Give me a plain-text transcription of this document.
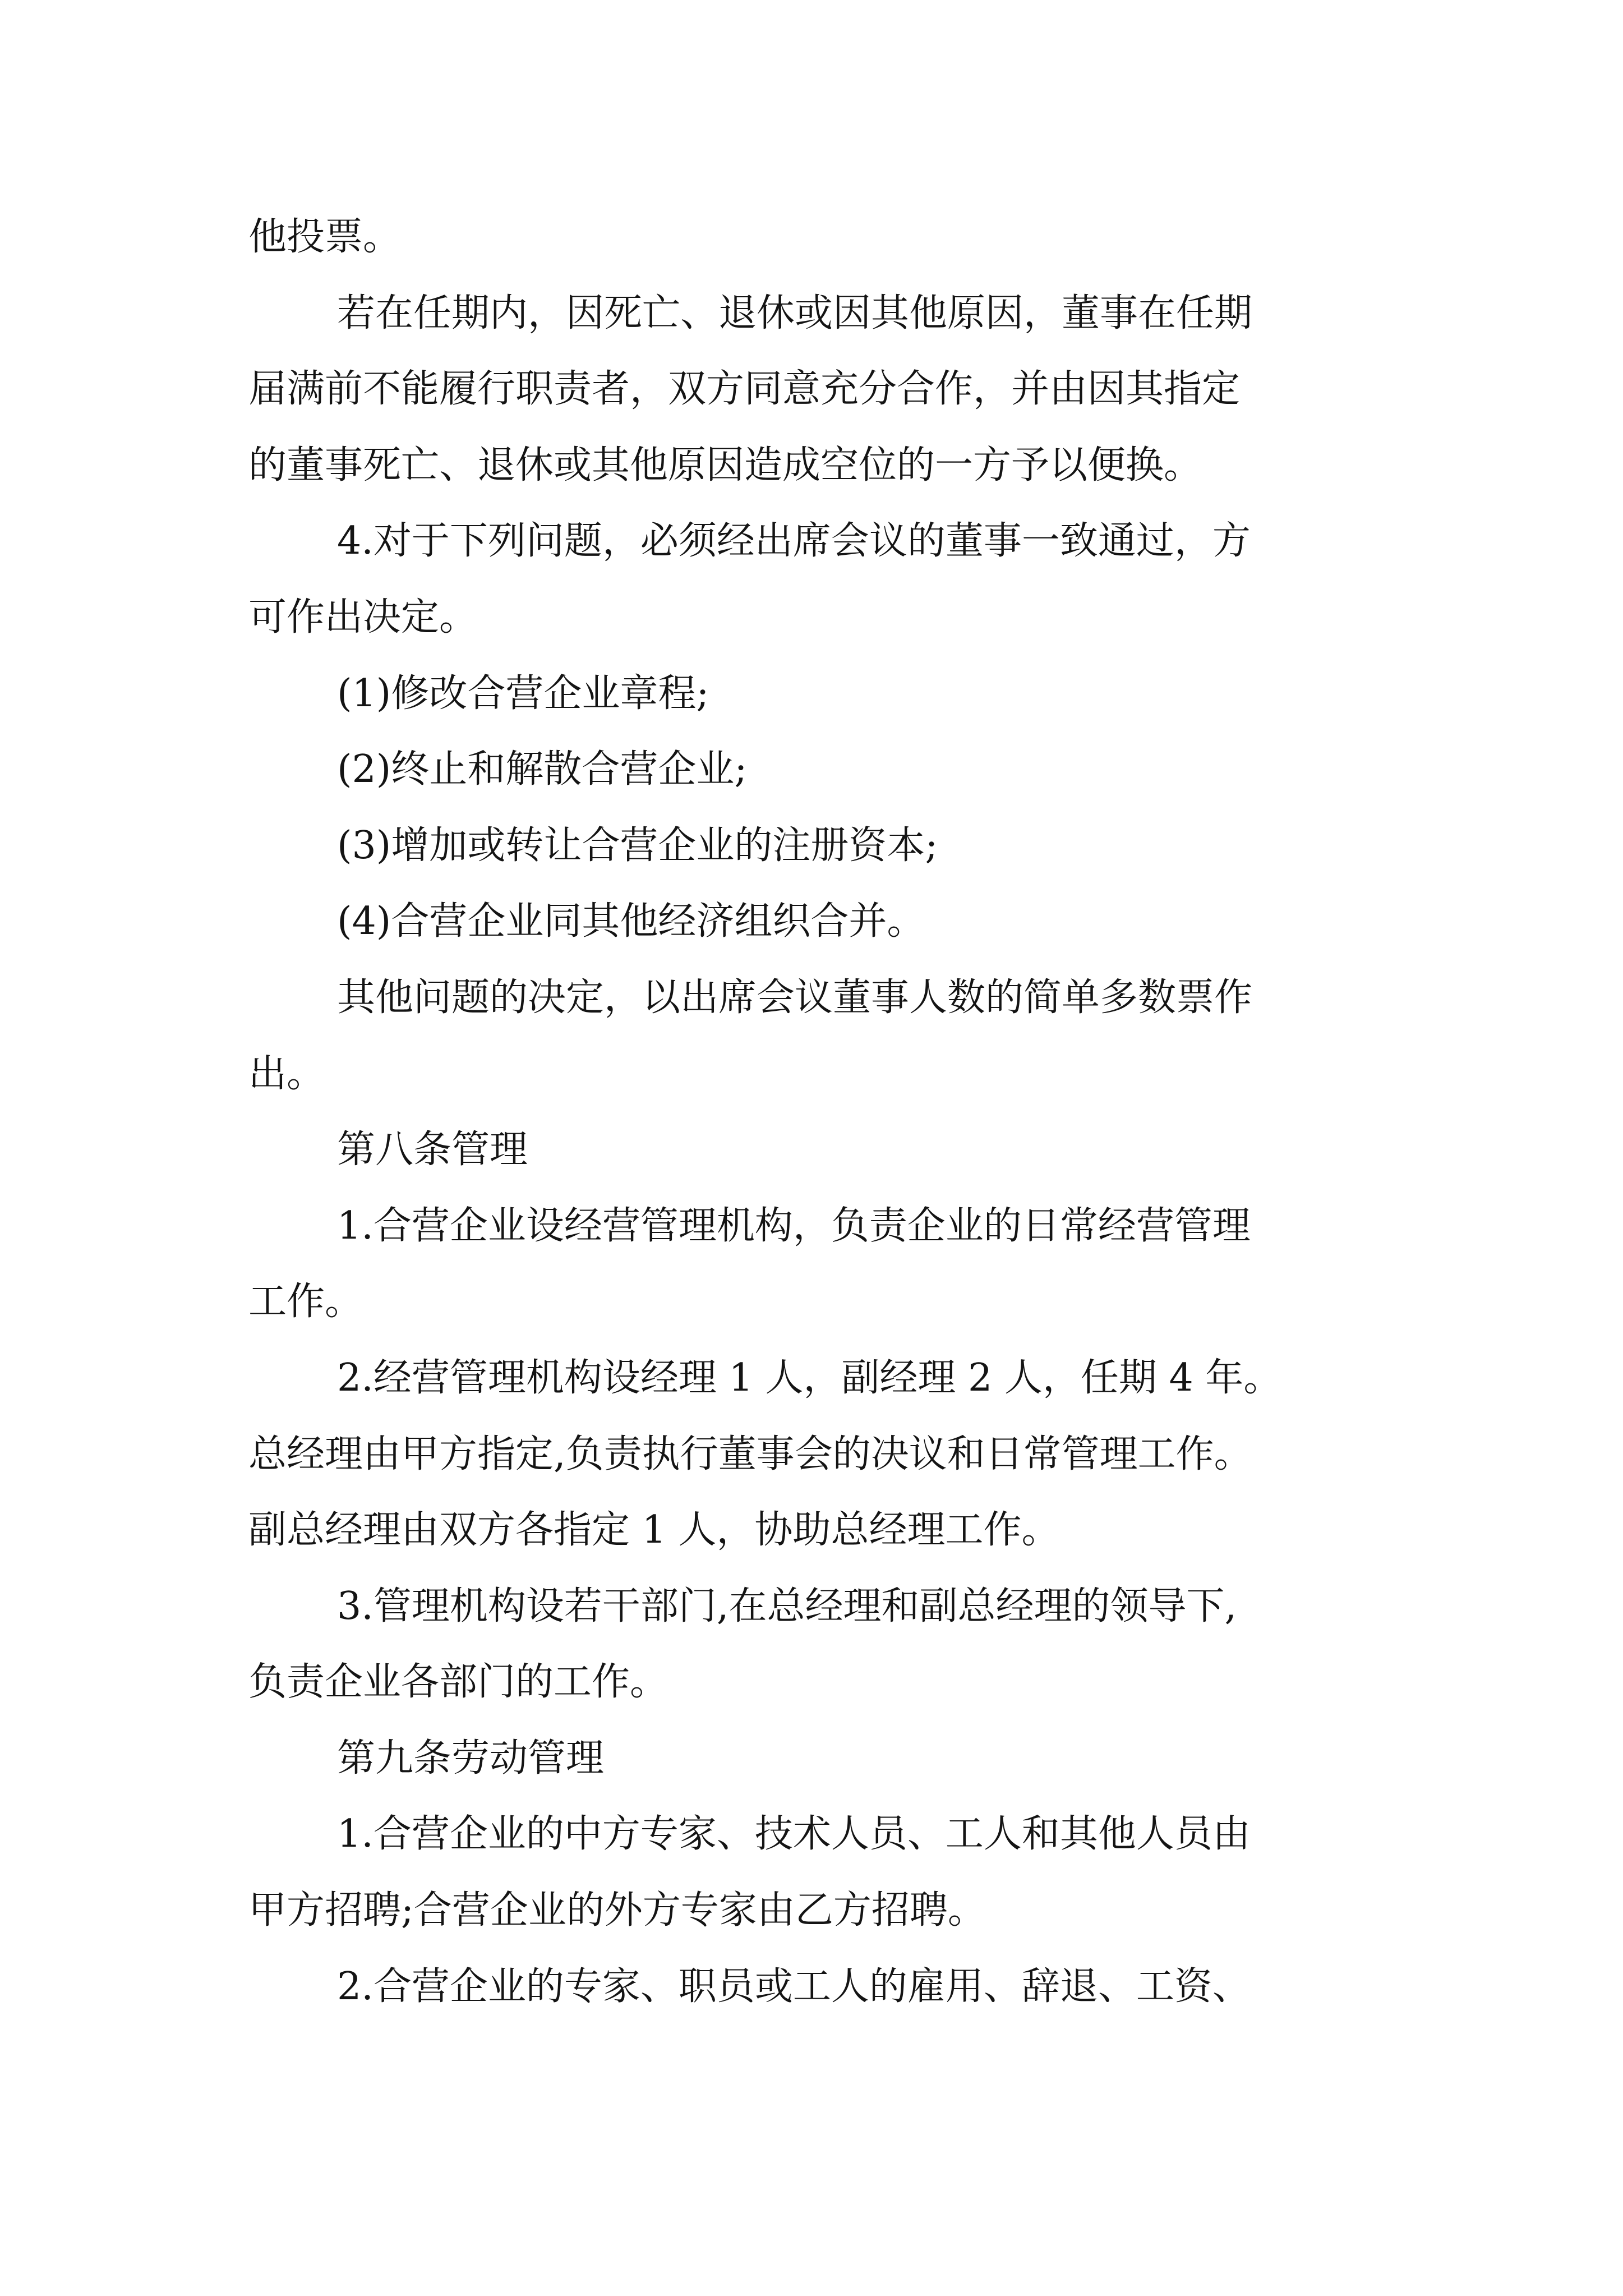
他投票。
若在任期内，因死亡、退休或因其他原因，董事在任期
届满前不能履行职责者，双方同意充分合作，并由因其指定
的董事死亡、退休或其他原因造成空位的一方予以便换。
4.对于下列问题，必须经出席会议的董事一致通过，方
可作出决定。
(1)修改合营企业章程;
(2)终止和解散合营企业;
(3)增加或转让合营企业的注册资本;
(4)合营企业同其他经济组织合并。
其他问题的决定，以出席会议董事人数的简单多数票作
出。
第八条管理
1.合营企业设经营管理机构，负责企业的日常经营管理
工作。
2.经营管理机构设经理 1 人，副经理 2 人，任期 4 年。
总经理由甲方指定,负责执行董事会的决议和日常管理工作。
副总经理由双方各指定 1 人，协助总经理工作。
3.管理机构设若干部门,在总经理和副总经理的领导下,
负责企业各部门的工作。
第九条劳动管理
1.合营企业的中方专家、技术人员、工人和其他人员由
甲方招聘;合营企业的外方专家由乙方招聘。
2.合营企业的专家、职员或工人的雇用、辞退、工资、
